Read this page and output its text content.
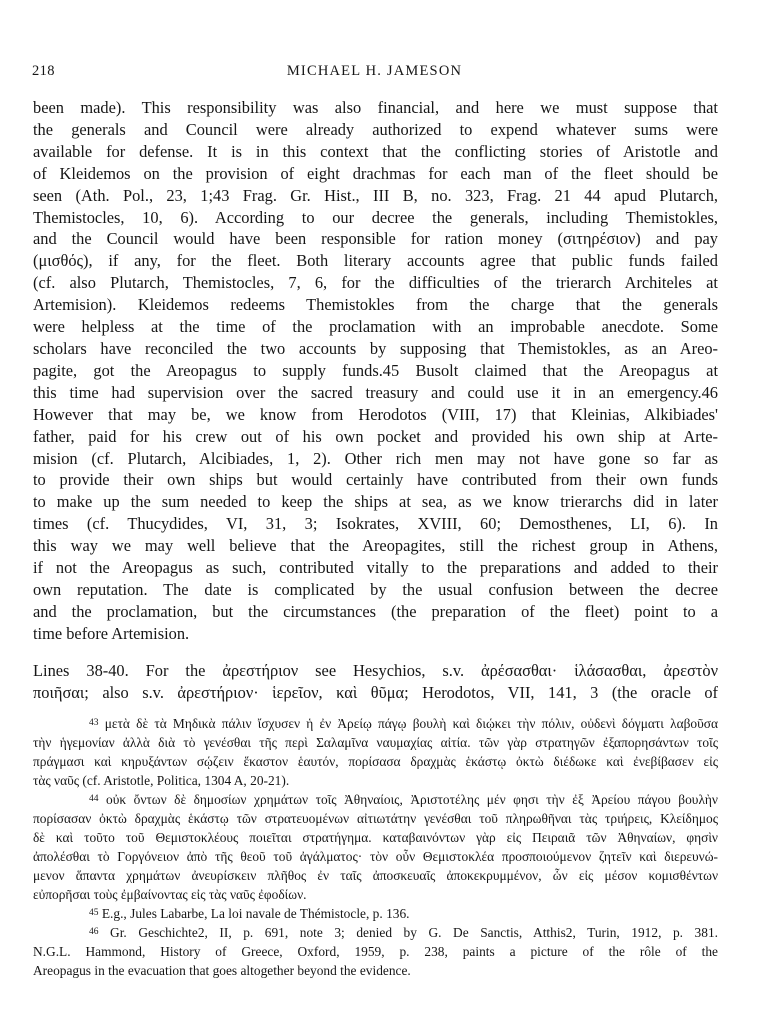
218	MICHAEL H. JAMESON
been made). This responsibility was also financial, and here we must suppose that
the generals and Council were already authorized to expend whatever sums were
available for defense. It is in this context that the conflicting stories of Aristotle and
of Kleidemos on the provision of eight drachmas for each man of the fleet should be
seen (Ath. Pol., 23, 1;43 Frag. Gr. Hist., III B, no. 323, Frag. 21 44 apud Plutarch,
Themistocles, 10, 6). According to our decree the generals, including Themistokles,
and the Council would have been responsible for ration money (σιτηρέσιον) and pay
(μισθός), if any, for the fleet. Both literary accounts agree that public funds failed
(cf. also Plutarch, Themistocles, 7, 6, for the difficulties of the trierarch Architeles at
Artemision). Kleidemos redeems Themistokles from the charge that the generals
were helpless at the time of the proclamation with an improbable anecdote. Some
scholars have reconciled the two accounts by supposing that Themistokles, as an Areo-
pagite, got the Areopagus to supply funds.45 Busolt claimed that the Areopagus at
this time had supervision over the sacred treasury and could use it in an emergency.46
However that may be, we know from Herodotos (VIII, 17) that Kleinias, Alkibiades'
father, paid for his crew out of his own pocket and provided his own ship at Arte-
mision (cf. Plutarch, Alcibiades, 1, 2). Other rich men may not have gone so far as
to provide their own ships but would certainly have contributed from their own funds
to make up the sum needed to keep the ships at sea, as we know trierarchs did in later
times (cf. Thucydides, VI, 31, 3; Isokrates, XVIII, 60; Demosthenes, LI, 6). In
this way we may well believe that the Areopagites, still the richest group in Athens,
if not the Areopagus as such, contributed vitally to the preparations and added to their
own reputation. The date is complicated by the usual confusion between the decree
and the proclamation, but the circumstances (the preparation of the fleet) point to a
time before Artemision.
Lines 38-40. For the ἀρεστήριον see Hesychios, s.v. ἀρέσασθαι· ἱλάσασθαι, ἀρεστὸν
ποιῆσαι; also s.v. ἀρεστήριον· ἱερεῖον, καὶ θῦμα; Herodotos, VII, 141, 3 (the oracle of
$^{43}$ μετὰ δὲ τὰ Μηδικὰ πάλιν ἴσχυσεν ἡ ἐν Ἀρείῳ πάγῳ βουλὴ καὶ διῴκει τὴν πόλιν, οὐδενὶ δόγματι λαβοῦσα
τὴν ἡγεμονίαν ἀλλὰ διὰ τὸ γενέσθαι τῆς περὶ Σαλαμῖνα ναυμαχίας αἰτία. τῶν γὰρ στρατηγῶν ἐξαπορησάντων τοῖς
πράγμασι καὶ κηρυξάντων σῴζειν ἕκαστον ἑαυτόν, πορίσασα δραχμὰς ἑκάστῳ ὀκτὼ διέδωκε καὶ ἐνεβίβασεν εἰς
τὰς ναῦς (cf. Aristotle, Politica, 1304 A, 20-21).
$^{44}$ οὐκ ὄντων δὲ δημοσίων χρημάτων τοῖς Ἀθηναίοις, Ἀριστοτέλης μέν φησι τὴν ἐξ Ἀρείου πάγου βουλὴν
πορίσασαν ὀκτὼ δραχμὰς ἑκάστῳ τῶν στρατευομένων αἰτιωτάτην γενέσθαι τοῦ πληρωθῆναι τὰς τριήρεις, Κλείδημος
δὲ καὶ τοῦτο τοῦ Θεμιστοκλέους ποιεῖται στρατήγημα. καταβαινόντων γὰρ εἰς Πειραιᾶ τῶν Ἀθηναίων, φησὶν
ἀπολέσθαι τὸ Γοργόνειον ἀπὸ τῆς θεοῦ τοῦ ἀγάλματος· τὸν οὖν Θεμιστοκλέα προσποιούμενον ζητεῖν καὶ διερευνώ-
μενον ἅπαντα χρημάτων ἀνευρίσκειν πλῆθος ἐν ταῖς ἀποσκευαῖς ἀποκεκρυμμένον, ὧν εἰς μέσον κομισθέντων
εὐπορῆσαι τοὺς ἐμβαίνοντας εἰς τὰς ναῦς ἐφοδίων.
$^{45}$ E.g., Jules Labarbe, La loi navale de Thémistocle, p. 136.
$^{46}$ Gr. Geschichte2, II, p. 691, note 3; denied by G. De Sanctis, Atthis2, Turin, 1912, p. 381.
N.G.L. Hammond, History of Greece, Oxford, 1959, p. 238, paints a picture of the rôle of the
Areopagus in the evacuation that goes altogether beyond the evidence.
